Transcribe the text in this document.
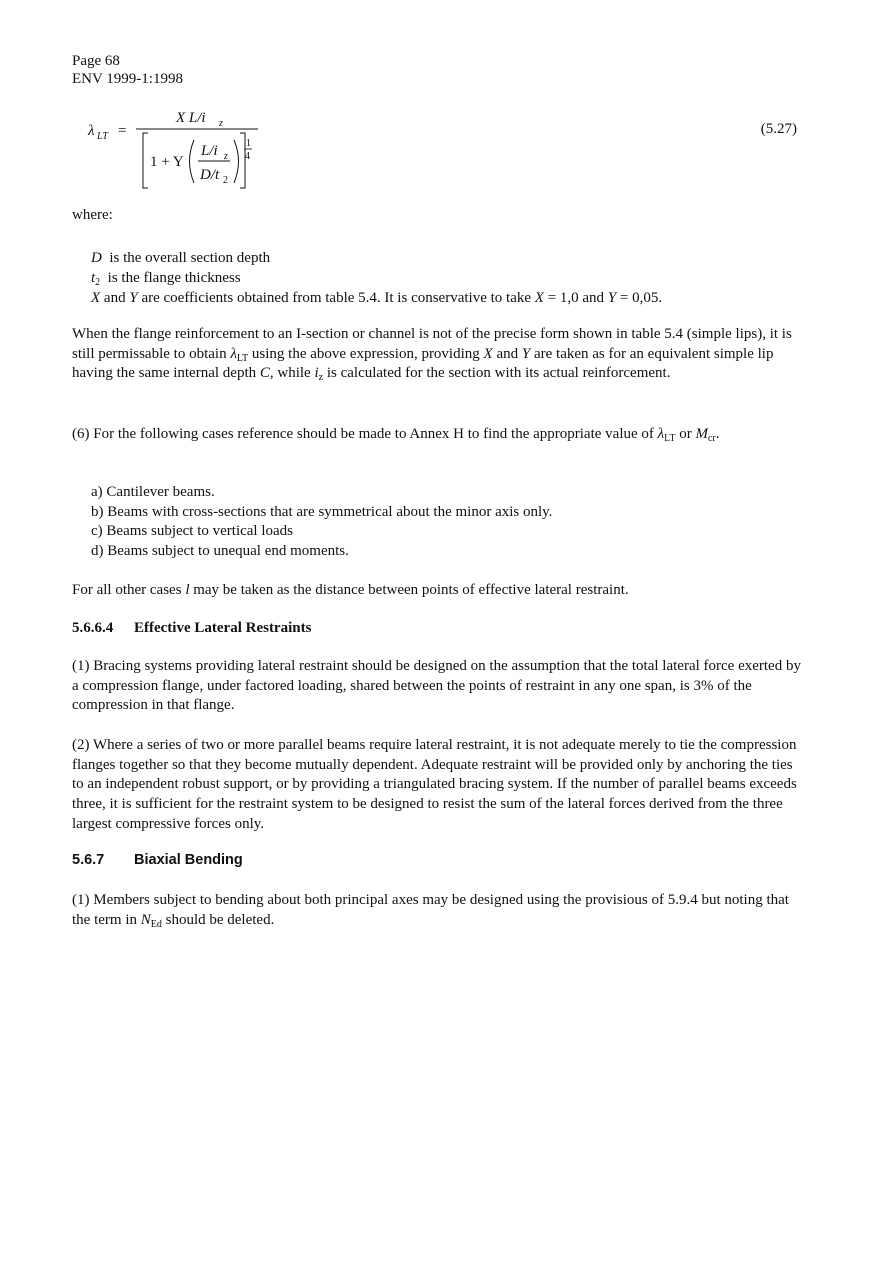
Page 68
ENV 1999-1:1998
λ LT =
X L/i z
1 + Y
L/i z
D/t 2
1
4
(5.27)
where:
D is the overall section depth
$t_2$ is the flange thickness
X and Y are coefficients obtained from table 5.4. It is conservative to take X = 1,0 and Y = 0,05.
When the flange reinforcement to an I-section or channel is not of the precise form shown in table 5.4 (simple lips), it is still permissable to obtain $\lambda_{LT}$ using the above expression, providing X and Y are taken as for an equivalent simple lip having the same internal depth C, while $i_z$ is calculated for the section with its actual reinforcement.
(6) For the following cases reference should be made to Annex H to find the appropriate value of $\lambda_{LT}$ or $M_{cr}$.
a) Cantilever beams.
b) Beams with cross-sections that are symmetrical about the minor axis only.
c) Beams subject to vertical loads
d) Beams subject to unequal end moments.
For all other cases l may be taken as the distance between points of effective lateral restraint.
5.6.6.4 Effective Lateral Restraints
(1) Bracing systems providing lateral restraint should be designed on the assumption that the total lateral force exerted by a compression flange, under factored loading, shared between the points of restraint in any one span, is 3% of the compression in that flange.
(2) Where a series of two or more parallel beams require lateral restraint, it is not adequate merely to tie the compression flanges together so that they become mutually dependent. Adequate restraint will be provided only by anchoring the ties to an independent robust support, or by providing a triangulated bracing system. If the number of parallel beams exceeds three, it is sufficient for the restraint system to be designed to resist the sum of the lateral forces derived from the three largest compressive forces only.
5.6.7 Biaxial Bending
(1) Members subject to bending about both principal axes may be designed using the provisious of 5.9.4 but noting that the term in $N_{Ed}$ should be deleted.
